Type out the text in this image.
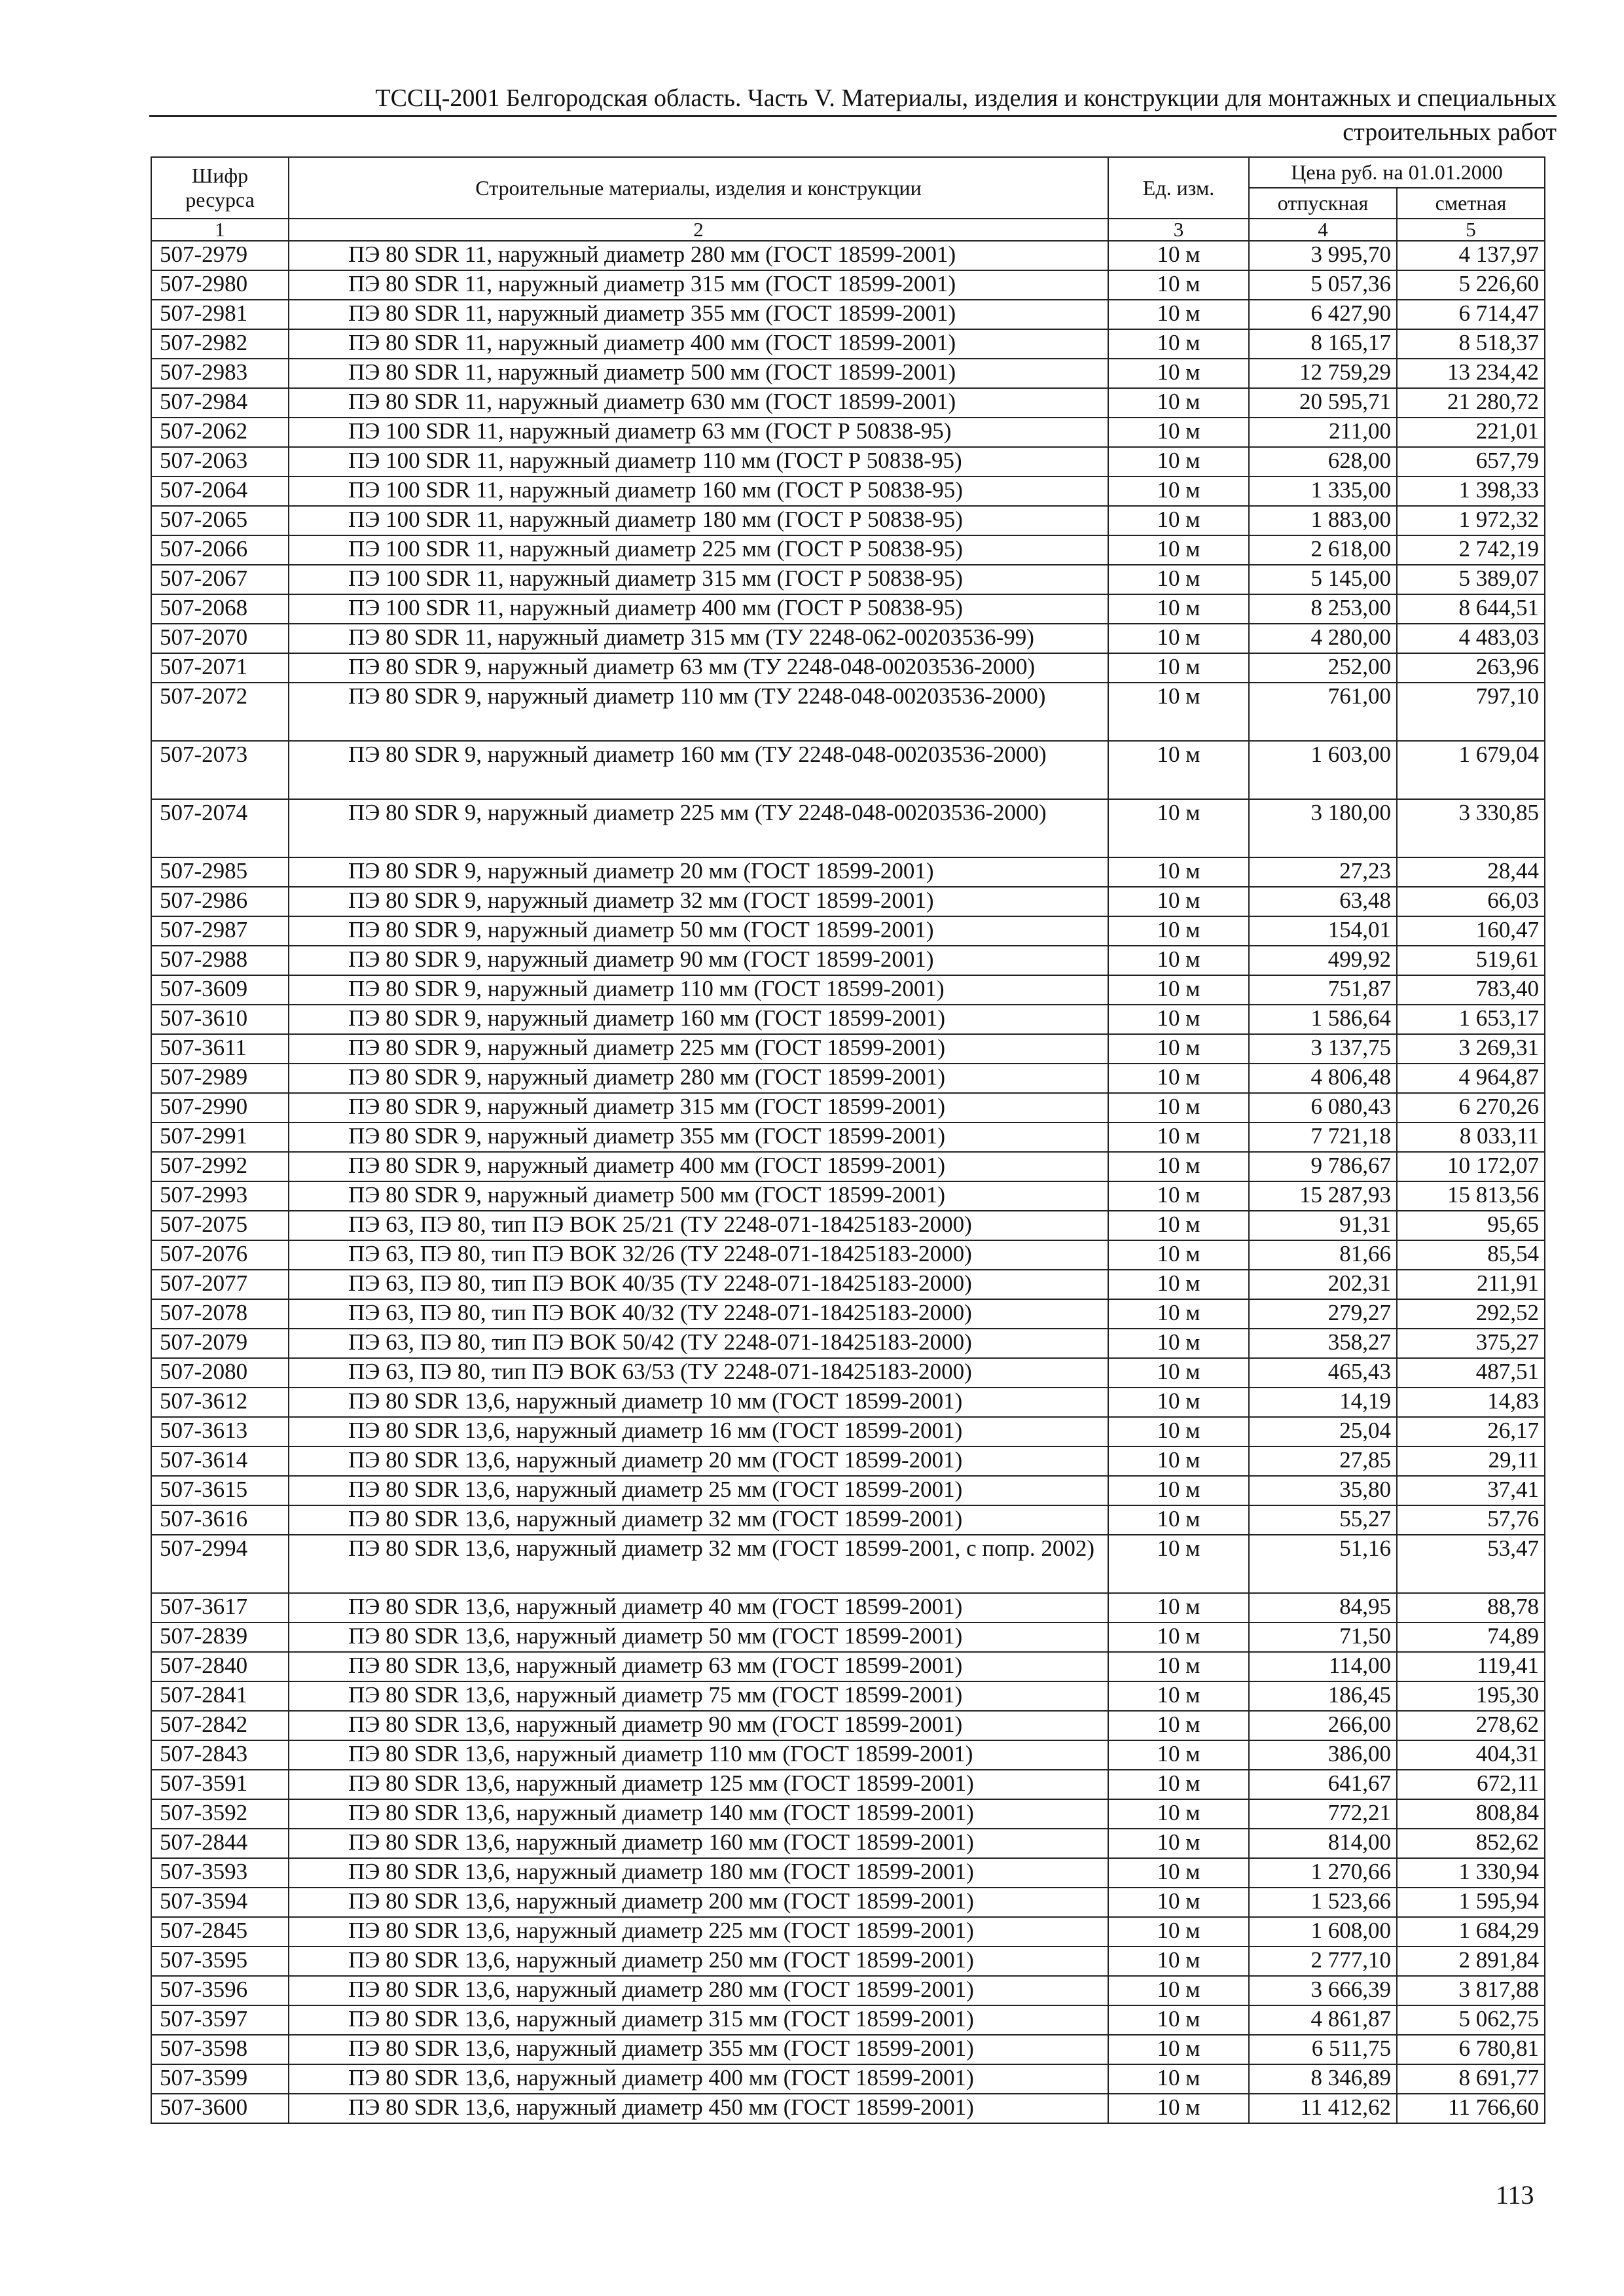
ТССЦ-2001 Белгородская область. Часть V. Материалы, изделия и конструкции для монтажных и специальных
строительных работ
Шифр ресурса	Строительные материалы, изделия и конструкции	Ед. изм.	Цена руб. на 01.01.2000	
			отпускная	сметная
1	2	3	4	5
507-2979	ПЭ 80 SDR 11, наружный диаметр 280 мм (ГОСТ 18599-2001)	10 м	3 995,70	4 137,97
507-2980	ПЭ 80 SDR 11, наружный диаметр 315 мм (ГОСТ 18599-2001)	10 м	5 057,36	5 226,60
507-2981	ПЭ 80 SDR 11, наружный диаметр 355 мм (ГОСТ 18599-2001)	10 м	6 427,90	6 714,47
507-2982	ПЭ 80 SDR 11, наружный диаметр 400 мм (ГОСТ 18599-2001)	10 м	8 165,17	8 518,37
507-2983	ПЭ 80 SDR 11, наружный диаметр 500 мм (ГОСТ 18599-2001)	10 м	12 759,29	13 234,42
507-2984	ПЭ 80 SDR 11, наружный диаметр 630 мм (ГОСТ 18599-2001)	10 м	20 595,71	21 280,72
507-2062	ПЭ 100 SDR 11, наружный диаметр 63 мм (ГОСТ Р 50838-95)	10 м	211,00	221,01
507-2063	ПЭ 100 SDR 11, наружный диаметр 110 мм (ГОСТ Р 50838-95)	10 м	628,00	657,79
507-2064	ПЭ 100 SDR 11, наружный диаметр 160 мм (ГОСТ Р 50838-95)	10 м	1 335,00	1 398,33
507-2065	ПЭ 100 SDR 11, наружный диаметр 180 мм (ГОСТ Р 50838-95)	10 м	1 883,00	1 972,32
507-2066	ПЭ 100 SDR 11, наружный диаметр 225 мм (ГОСТ Р 50838-95)	10 м	2 618,00	2 742,19
507-2067	ПЭ 100 SDR 11, наружный диаметр 315 мм (ГОСТ Р 50838-95)	10 м	5 145,00	5 389,07
507-2068	ПЭ 100 SDR 11, наружный диаметр 400 мм (ГОСТ Р 50838-95)	10 м	8 253,00	8 644,51
507-2070	ПЭ 80 SDR 11, наружный диаметр 315 мм (ТУ 2248-062-00203536-99)	10 м	4 280,00	4 483,03
507-2071	ПЭ 80 SDR 9, наружный диаметр 63 мм (ТУ 2248-048-00203536-2000)	10 м	252,00	263,96
507-2072	ПЭ 80 SDR 9, наружный диаметр 110 мм (ТУ 2248-048-00203536-2000)	10 м	761,00	797,10
507-2073	ПЭ 80 SDR 9, наружный диаметр 160 мм (ТУ 2248-048-00203536-2000)	10 м	1 603,00	1 679,04
507-2074	ПЭ 80 SDR 9, наружный диаметр 225 мм (ТУ 2248-048-00203536-2000)	10 м	3 180,00	3 330,85
507-2985	ПЭ 80 SDR 9, наружный диаметр 20 мм (ГОСТ 18599-2001)	10 м	27,23	28,44
507-2986	ПЭ 80 SDR 9, наружный диаметр 32 мм (ГОСТ 18599-2001)	10 м	63,48	66,03
507-2987	ПЭ 80 SDR 9, наружный диаметр 50 мм (ГОСТ 18599-2001)	10 м	154,01	160,47
507-2988	ПЭ 80 SDR 9, наружный диаметр 90 мм (ГОСТ 18599-2001)	10 м	499,92	519,61
507-3609	ПЭ 80 SDR 9, наружный диаметр 110 мм (ГОСТ 18599-2001)	10 м	751,87	783,40
507-3610	ПЭ 80 SDR 9, наружный диаметр 160 мм (ГОСТ 18599-2001)	10 м	1 586,64	1 653,17
507-3611	ПЭ 80 SDR 9, наружный диаметр 225 мм (ГОСТ 18599-2001)	10 м	3 137,75	3 269,31
507-2989	ПЭ 80 SDR 9, наружный диаметр 280 мм (ГОСТ 18599-2001)	10 м	4 806,48	4 964,87
507-2990	ПЭ 80 SDR 9, наружный диаметр 315 мм (ГОСТ 18599-2001)	10 м	6 080,43	6 270,26
507-2991	ПЭ 80 SDR 9, наружный диаметр 355 мм (ГОСТ 18599-2001)	10 м	7 721,18	8 033,11
507-2992	ПЭ 80 SDR 9, наружный диаметр 400 мм (ГОСТ 18599-2001)	10 м	9 786,67	10 172,07
507-2993	ПЭ 80 SDR 9, наружный диаметр 500 мм (ГОСТ 18599-2001)	10 м	15 287,93	15 813,56
507-2075	ПЭ 63, ПЭ 80, тип ПЭ ВОК 25/21 (ТУ 2248-071-18425183-2000)	10 м	91,31	95,65
507-2076	ПЭ 63, ПЭ 80, тип ПЭ ВОК 32/26 (ТУ 2248-071-18425183-2000)	10 м	81,66	85,54
507-2077	ПЭ 63, ПЭ 80, тип ПЭ ВОК 40/35 (ТУ 2248-071-18425183-2000)	10 м	202,31	211,91
507-2078	ПЭ 63, ПЭ 80, тип ПЭ ВОК 40/32 (ТУ 2248-071-18425183-2000)	10 м	279,27	292,52
507-2079	ПЭ 63, ПЭ 80, тип ПЭ ВОК 50/42 (ТУ 2248-071-18425183-2000)	10 м	358,27	375,27
507-2080	ПЭ 63, ПЭ 80, тип ПЭ ВОК 63/53 (ТУ 2248-071-18425183-2000)	10 м	465,43	487,51
507-3612	ПЭ 80 SDR 13,6, наружный диаметр 10 мм (ГОСТ 18599-2001)	10 м	14,19	14,83
507-3613	ПЭ 80 SDR 13,6, наружный диаметр 16 мм (ГОСТ 18599-2001)	10 м	25,04	26,17
507-3614	ПЭ 80 SDR 13,6, наружный диаметр 20 мм (ГОСТ 18599-2001)	10 м	27,85	29,11
507-3615	ПЭ 80 SDR 13,6, наружный диаметр 25 мм (ГОСТ 18599-2001)	10 м	35,80	37,41
507-3616	ПЭ 80 SDR 13,6, наружный диаметр 32 мм (ГОСТ 18599-2001)	10 м	55,27	57,76
507-2994	ПЭ 80 SDR 13,6, наружный диаметр 32 мм (ГОСТ 18599-2001, с попр. 2002)	10 м	51,16	53,47
507-3617	ПЭ 80 SDR 13,6, наружный диаметр 40 мм (ГОСТ 18599-2001)	10 м	84,95	88,78
507-2839	ПЭ 80 SDR 13,6, наружный диаметр 50 мм (ГОСТ 18599-2001)	10 м	71,50	74,89
507-2840	ПЭ 80 SDR 13,6, наружный диаметр 63 мм (ГОСТ 18599-2001)	10 м	114,00	119,41
507-2841	ПЭ 80 SDR 13,6, наружный диаметр 75 мм (ГОСТ 18599-2001)	10 м	186,45	195,30
507-2842	ПЭ 80 SDR 13,6, наружный диаметр 90 мм (ГОСТ 18599-2001)	10 м	266,00	278,62
507-2843	ПЭ 80 SDR 13,6, наружный диаметр 110 мм (ГОСТ 18599-2001)	10 м	386,00	404,31
507-3591	ПЭ 80 SDR 13,6, наружный диаметр 125 мм (ГОСТ 18599-2001)	10 м	641,67	672,11
507-3592	ПЭ 80 SDR 13,6, наружный диаметр 140 мм (ГОСТ 18599-2001)	10 м	772,21	808,84
507-2844	ПЭ 80 SDR 13,6, наружный диаметр 160 мм (ГОСТ 18599-2001)	10 м	814,00	852,62
507-3593	ПЭ 80 SDR 13,6, наружный диаметр 180 мм (ГОСТ 18599-2001)	10 м	1 270,66	1 330,94
507-3594	ПЭ 80 SDR 13,6, наружный диаметр 200 мм (ГОСТ 18599-2001)	10 м	1 523,66	1 595,94
507-2845	ПЭ 80 SDR 13,6, наружный диаметр 225 мм (ГОСТ 18599-2001)	10 м	1 608,00	1 684,29
507-3595	ПЭ 80 SDR 13,6, наружный диаметр 250 мм (ГОСТ 18599-2001)	10 м	2 777,10	2 891,84
507-3596	ПЭ 80 SDR 13,6, наружный диаметр 280 мм (ГОСТ 18599-2001)	10 м	3 666,39	3 817,88
507-3597	ПЭ 80 SDR 13,6, наружный диаметр 315 мм (ГОСТ 18599-2001)	10 м	4 861,87	5 062,75
507-3598	ПЭ 80 SDR 13,6, наружный диаметр 355 мм (ГОСТ 18599-2001)	10 м	6 511,75	6 780,81
507-3599	ПЭ 80 SDR 13,6, наружный диаметр 400 мм (ГОСТ 18599-2001)	10 м	8 346,89	8 691,77
507-3600	ПЭ 80 SDR 13,6, наружный диаметр 450 мм (ГОСТ 18599-2001)	10 м	11 412,62	11 766,60
113
